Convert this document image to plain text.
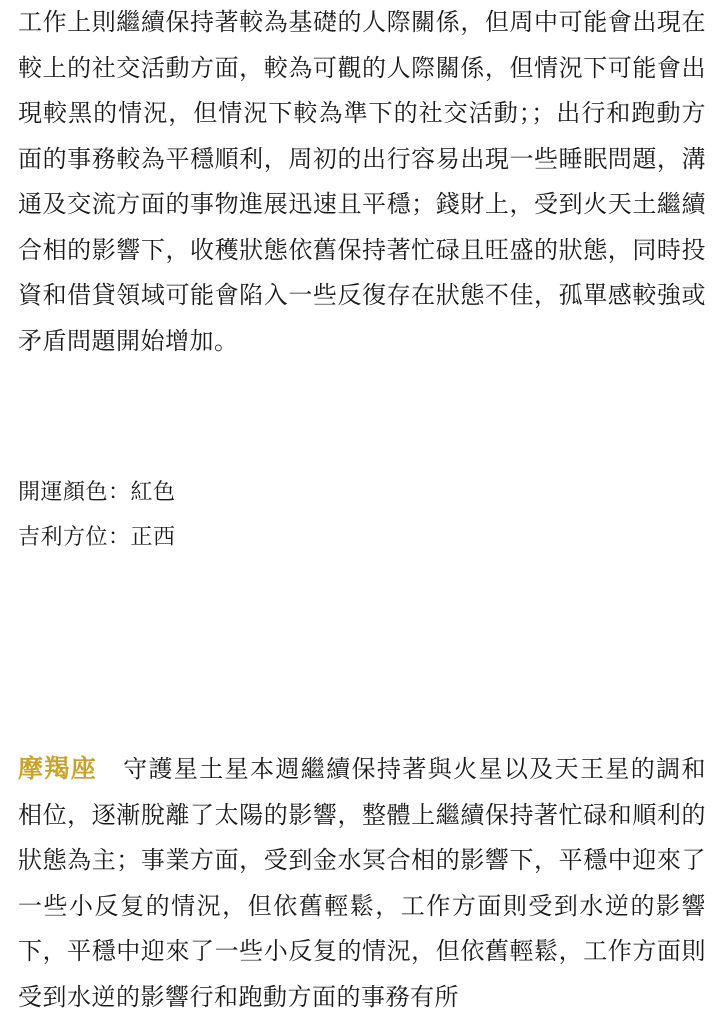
工作上則繼續保持著較為基礎的人際關係，但周中可能會出現在較上的社交活動方面，較為可觀的人際關係，但情況下可能會出現較黑的情況，但情況下較為準下的社交活動；；出行和跑動方面的事務較為平穩順利，周初的出行容易出現一些睡眠問題，溝通及交流方面的事物進展迅速且平穩；錢財上，受到火天土繼續合相的影響下，收穫狀態依舊保持著忙碌且旺盛的狀態，同時投資和借貸領域可能會陷入一些反復存在狀態不佳，孤單感較強或矛盾問題開始增加。

開運顏色：紅色
吉利方位：正西
摩羯座 守護星土星本週繼續保持著與火星以及天王星的調和相位，逐漸脫離了太陽的影響，整體上繼續保持著忙碌和順利的狀態為主；事業方面，受到金水冥合相的影響下，平穩中迎來了一些小反复的情況，但依舊輕鬆，工作方面則受到水逆的影響下，平穩中迎來了一些小反复的情況，但依舊輕鬆，工作方面則受到水逆的影響行和跑動方面的事務有所
